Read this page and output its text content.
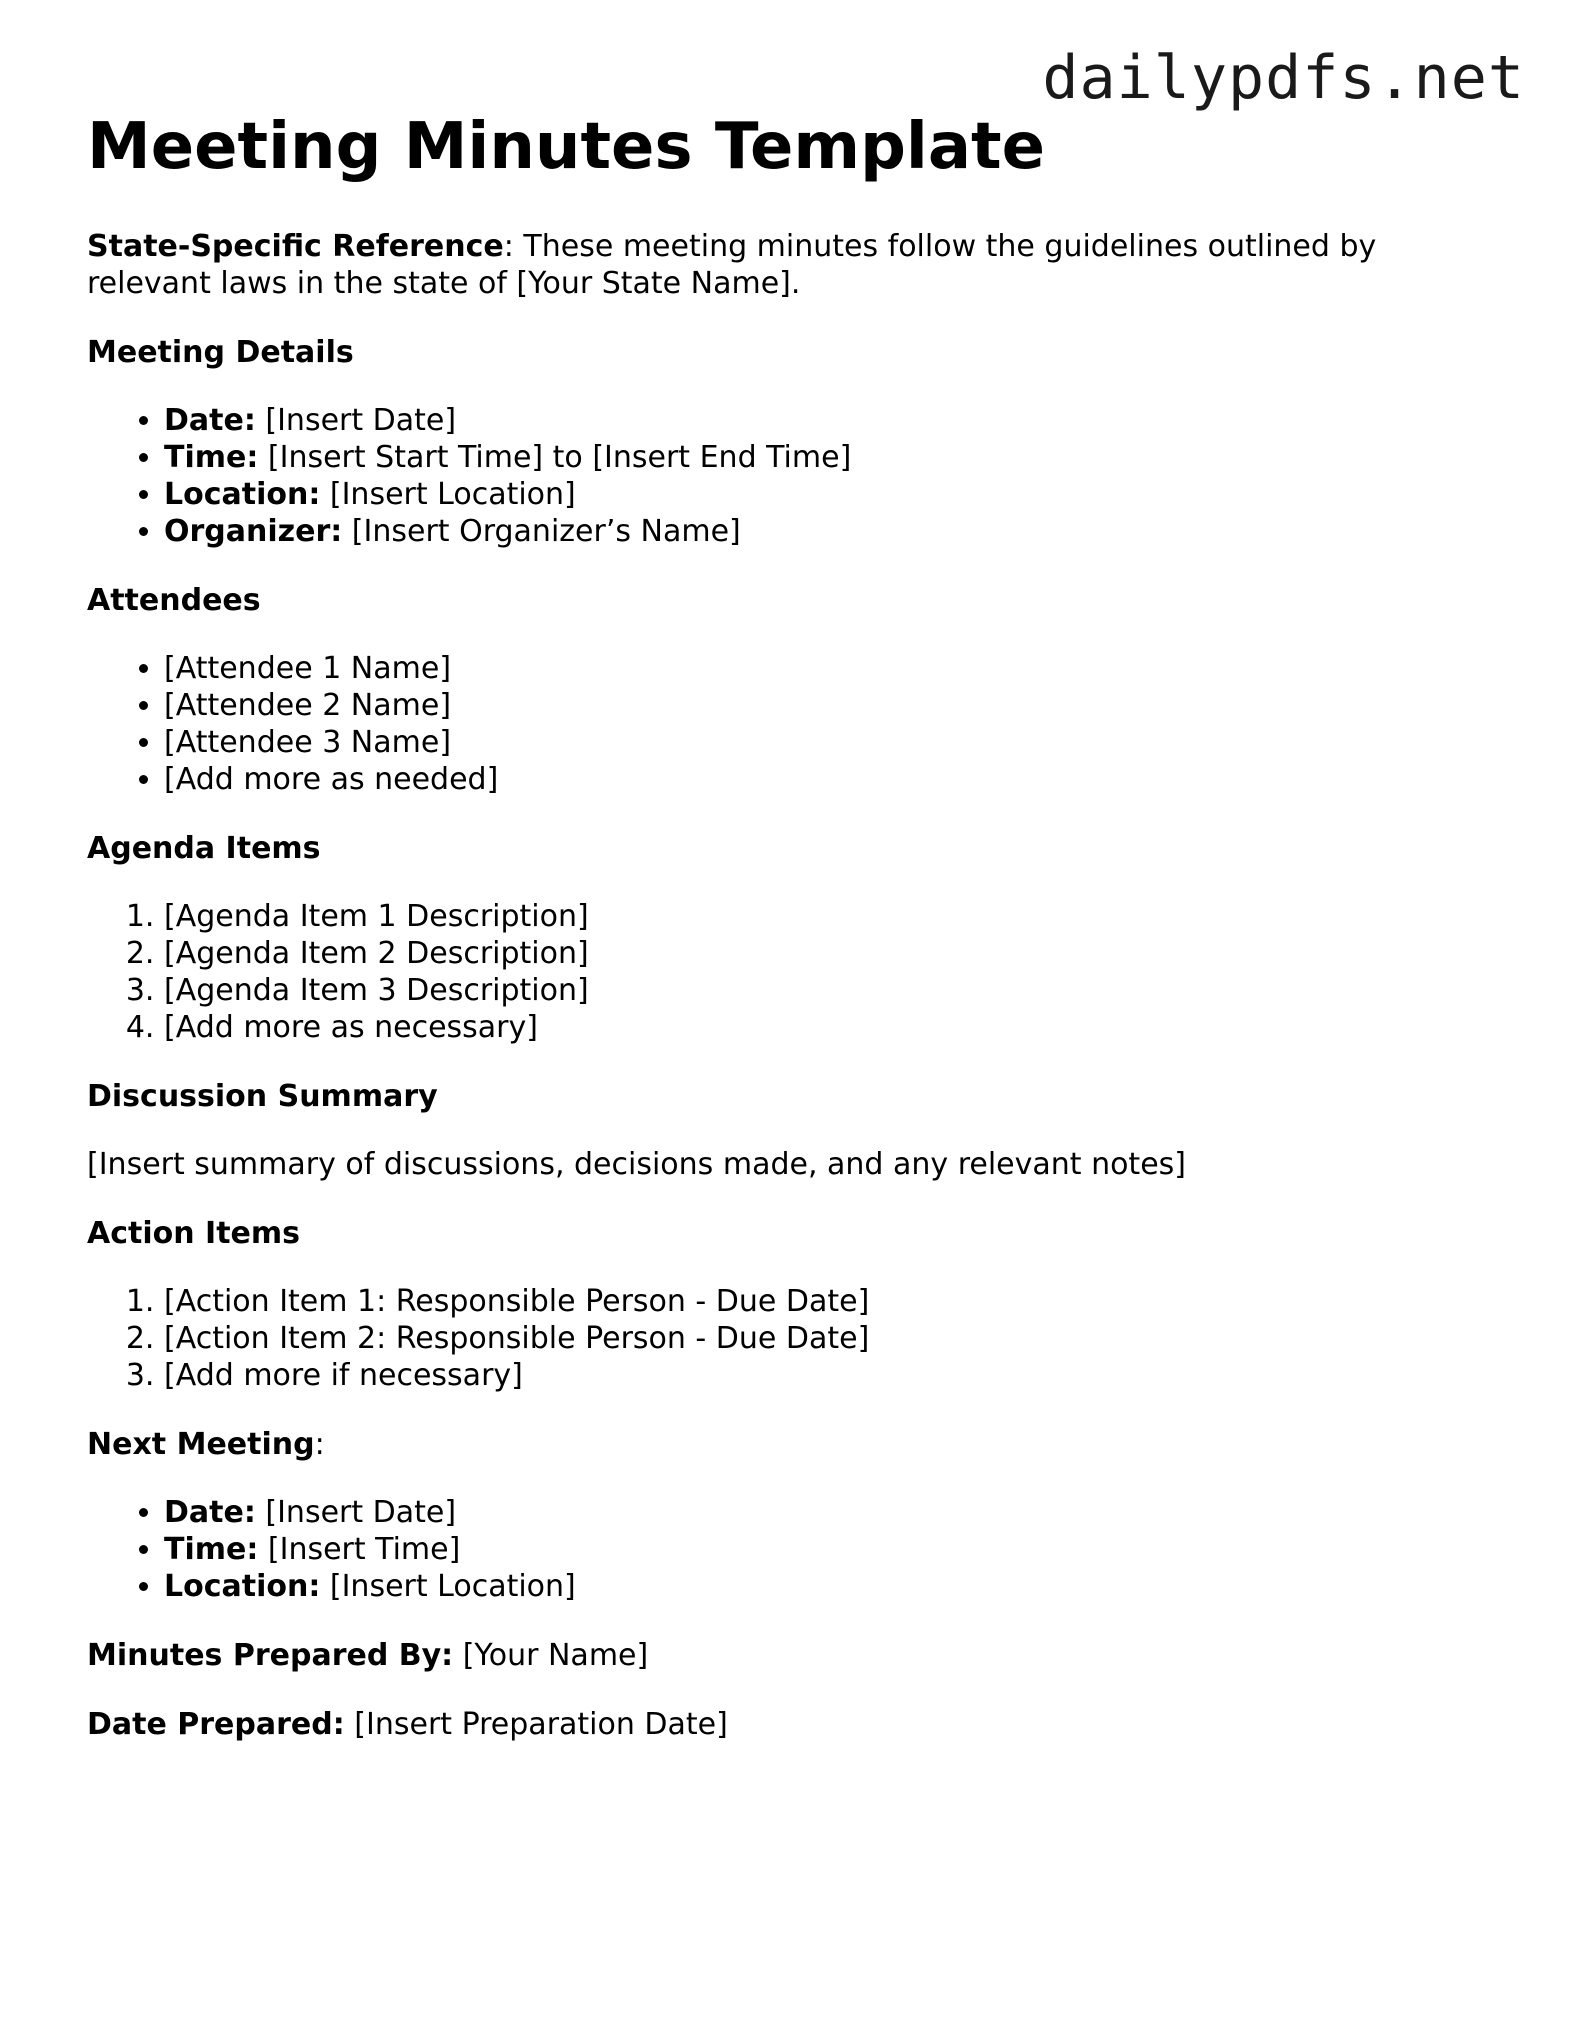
dailypdfs.net
Meeting Minutes Template

State-Specific Reference: These meeting minutes follow the guidelines outlined by relevant laws in the state of [Your State Name].

Meeting Details

• Date: [Insert Date]
• Time: [Insert Start Time] to [Insert End Time]
• Location: [Insert Location]
• Organizer: [Insert Organizer’s Name]

Attendees

• [Attendee 1 Name]
• [Attendee 2 Name]
• [Attendee 3 Name]
• [Add more as needed]

Agenda Items

1. [Agenda Item 1 Description]
2. [Agenda Item 2 Description]
3. [Agenda Item 3 Description]
4. [Add more as necessary]

Discussion Summary

[Insert summary of discussions, decisions made, and any relevant notes]

Action Items

1. [Action Item 1: Responsible Person - Due Date]
2. [Action Item 2: Responsible Person - Due Date]
3. [Add more if necessary]

Next Meeting:

• Date: [Insert Date]
• Time: [Insert Time]
• Location: [Insert Location]

Minutes Prepared By: [Your Name]

Date Prepared: [Insert Preparation Date]
